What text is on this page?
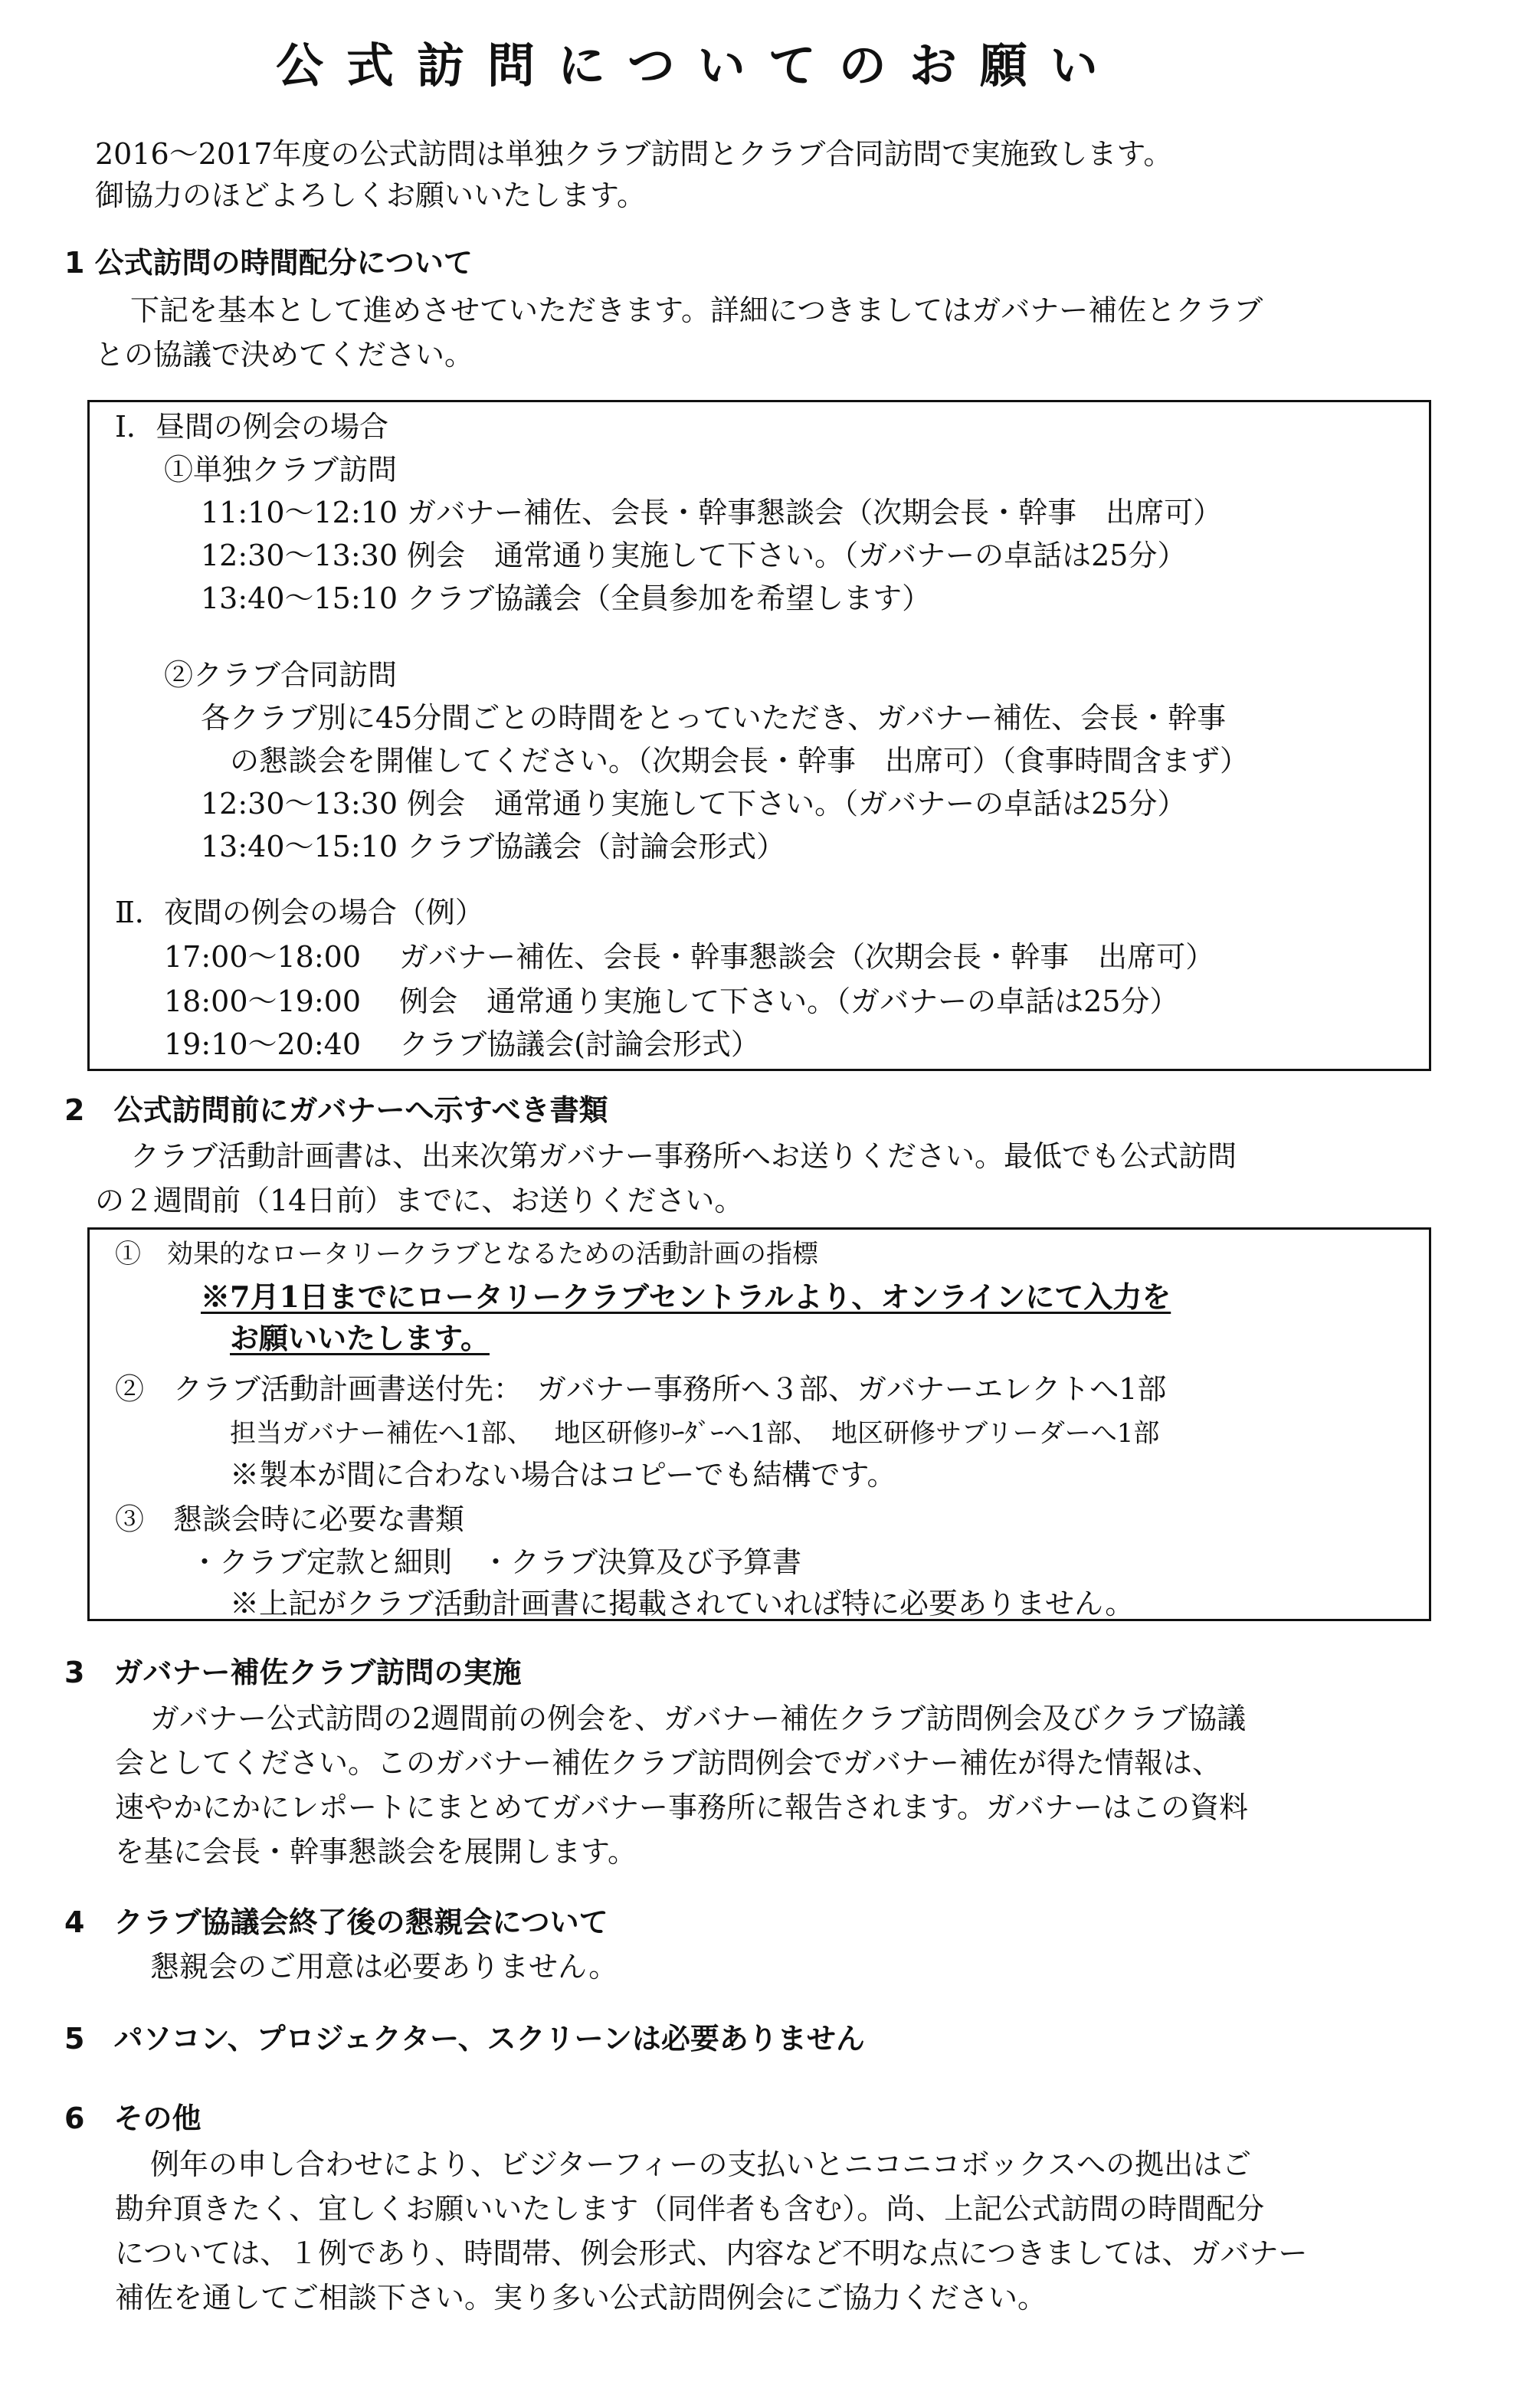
公式訪問についてのお願い
2016～2017年度の公式訪問は単独クラブ訪問とクラブ合同訪問で実施致します。
御協力のほどよろしくお願いいたします。
1 公式訪問の時間配分について
下記を基本として進めさせていただきます。詳細につきましてはガバナー補佐とクラブ
との協議で決めてください。
Ⅰ．昼間の例会の場合
①単独クラブ訪問
11:10～12:10 ガバナー補佐、会長・幹事懇談会（次期会長・幹事　出席可）
12:30～13:30 例会　通常通り実施して下さい。（ガバナーの卓話は25分）
13:40～15:10 クラブ協議会（全員参加を希望します）
②クラブ合同訪問
各クラブ別に45分間ごとの時間をとっていただき、ガバナー補佐、会長・幹事
の懇談会を開催してください。（次期会長・幹事　出席可）（食事時間含まず）
12:30～13:30 例会　通常通り実施して下さい。（ガバナーの卓話は25分）
13:40～15:10 クラブ協議会（討論会形式）
Ⅱ．夜間の例会の場合（例）
17:00～18:00　 ガバナー補佐、会長・幹事懇談会（次期会長・幹事　出席可）
18:00～19:00　 例会　通常通り実施して下さい。（ガバナーの卓話は25分）
19:10～20:40　 クラブ協議会(討論会形式）
2　公式訪問前にガバナーへ示すべき書類
クラブ活動計画書は、出来次第ガバナー事務所へお送りください。最低でも公式訪問
の２週間前（14日前）までに、お送りください。
①　効果的なロータリークラブとなるための活動計画の指標
※7月1日までにロータリークラブセントラルより、オンラインにて入力を
お願いいたします。
②　クラブ活動計画書送付先：　ガバナー事務所へ３部、ガバナーエレクトへ1部
担当ガバナー補佐へ1部、　 地区研修ﾘｰﾀﾞｰへ1部、　地区研修サブリーダーへ1部
※製本が間に合わない場合はコピーでも結構です。
③　懇談会時に必要な書類
・クラブ定款と細則　・クラブ決算及び予算書
※上記がクラブ活動計画書に掲載されていれば特に必要ありません。
3　ガバナー補佐クラブ訪問の実施
ガバナー公式訪問の2週間前の例会を、ガバナー補佐クラブ訪問例会及びクラブ協議
会としてください。このガバナー補佐クラブ訪問例会でガバナー補佐が得た情報は、
速やかにかにレポートにまとめてガバナー事務所に報告されます。ガバナーはこの資料
を基に会長・幹事懇談会を展開します。
4　クラブ協議会終了後の懇親会について
懇親会のご用意は必要ありません。
5　パソコン、プロジェクター、スクリーンは必要ありません
6　その他
例年の申し合わせにより、ビジターフィーの支払いとニコニコボックスへの拠出はご
勘弁頂きたく、宜しくお願いいたします（同伴者も含む）。尚、上記公式訪問の時間配分
については、１例であり、時間帯、例会形式、内容など不明な点につきましては、ガバナー
補佐を通してご相談下さい。実り多い公式訪問例会にご協力ください。
